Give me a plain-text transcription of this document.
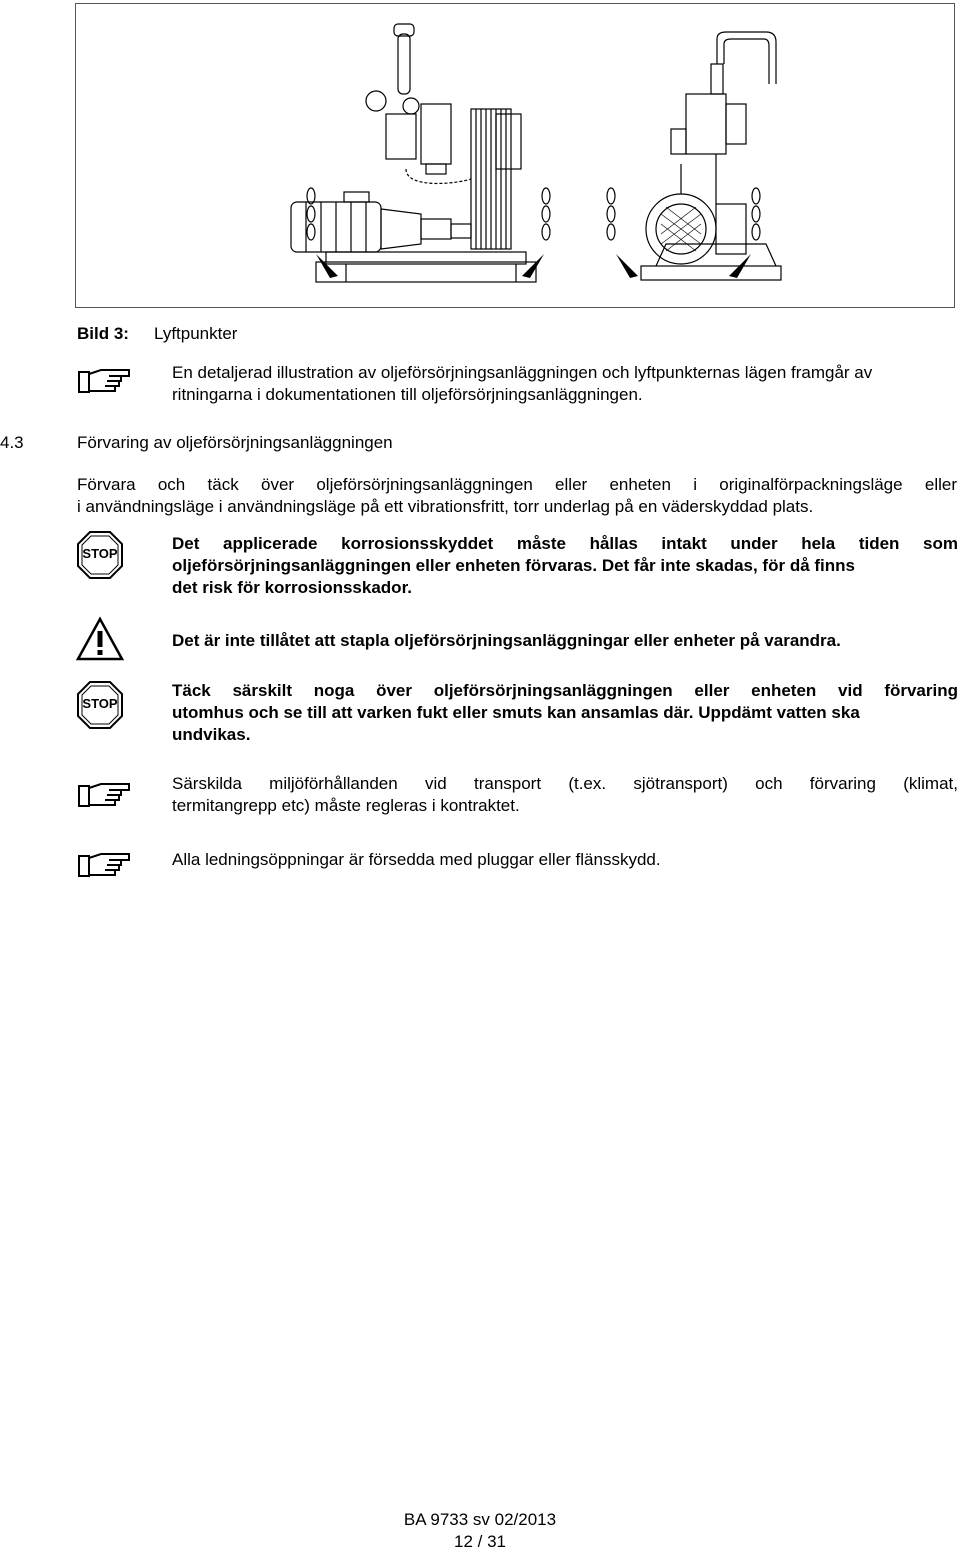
Bild 3: Lyftpunkter
En detaljerad illustration av oljeförsörjningsanläggningen och lyftpunkternas lägen framgår av
ritningarna i dokumentationen till oljeförsörjningsanläggningen.
4.3	Förvaring av oljeförsörjningsanläggningen
Förvara och täck över oljeförsörjningsanläggningen eller enheten i originalförpackningsläge eller
i användningsläge i användningsläge på ett vibrationsfritt, torr underlag på en väderskyddad plats.
STOP
Det applicerade korrosionsskyddet måste hållas intakt under hela tiden som
oljeförsörjningsanläggningen eller enheten förvaras. Det får inte skadas, för då finns
det risk för korrosionsskador.
Det är inte tillåtet att stapla oljeförsörjningsanläggningar eller enheter på varandra.
STOP
Täck särskilt noga över oljeförsörjningsanläggningen eller enheten vid förvaring
utomhus och se till att varken fukt eller smuts kan ansamlas där. Uppdämt vatten ska
undvikas.
Särskilda miljöförhållanden vid transport (t.ex. sjötransport) och förvaring (klimat,
termitangrepp etc) måste regleras i kontraktet.
Alla ledningsöppningar är försedda med pluggar eller flänsskydd.
BA 9733 sv 02/2013
12 / 31
